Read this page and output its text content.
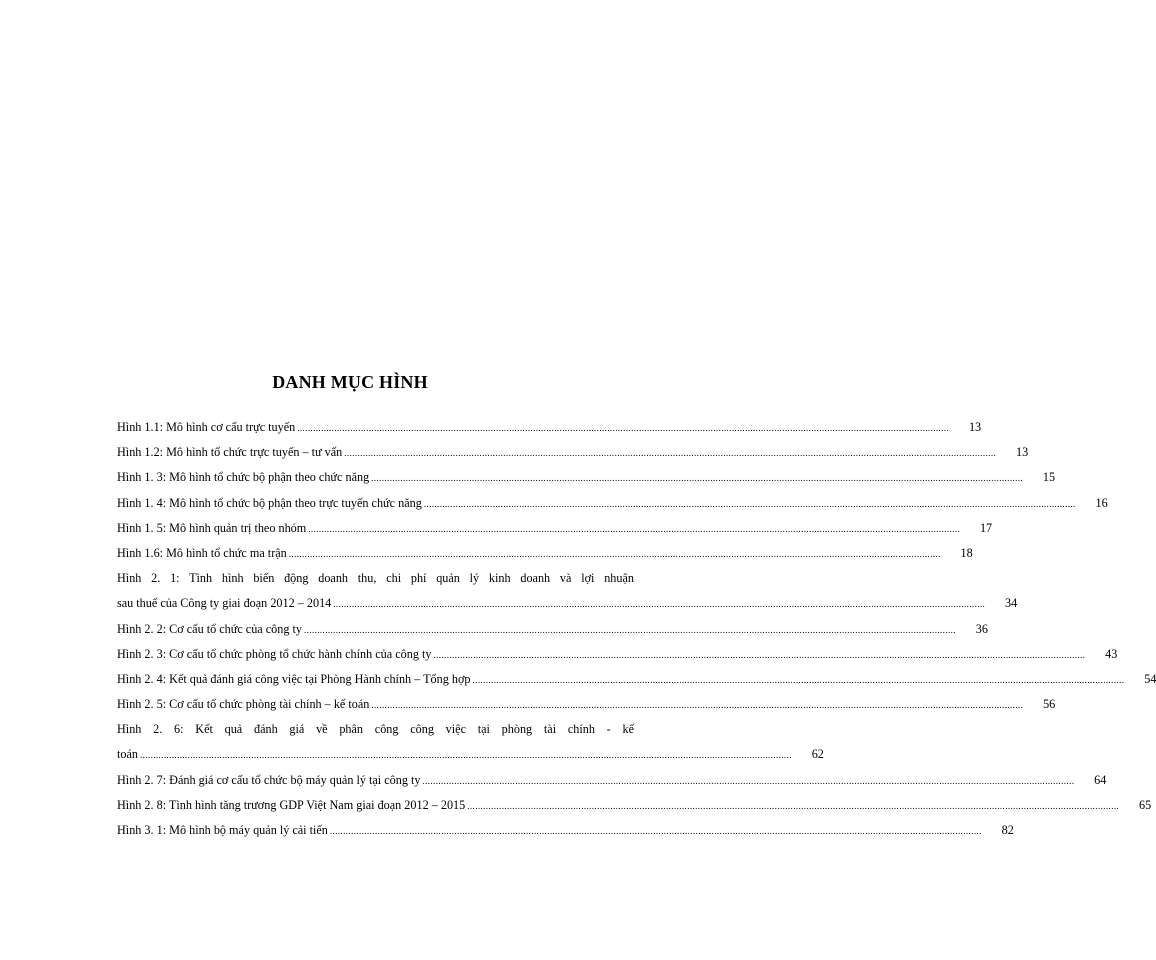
DANH MỤC HÌNH
Hình 1.1: Mô hình cơ cấu trực tuyến ......................................................................................................................................................................................................................................................	13
Hình 1.2: Mô hình tổ chức trực tuyến – tư vấn ......................................................................................................................................................................................................................................................	13
Hình 1. 3: Mô hình tổ chức bộ phận theo chức năng ......................................................................................................................................................................................................................................................	15
Hình 1. 4: Mô hình tổ chức bộ phận theo trực tuyến chức năng ......................................................................................................................................................................................................................................................	16
Hình 1. 5: Mô hình quản trị theo nhóm ......................................................................................................................................................................................................................................................	17
Hình 1.6: Mô hình tổ chức ma trận ......................................................................................................................................................................................................................................................	18
Hình 2. 1: Tình hình biến động doanh thu, chi phí quản lý kinh doanh và lợi nhuận
sau thuế của Công ty giai đoạn 2012 – 2014 ......................................................................................................................................................................................................................................................	34
Hình 2. 2: Cơ cấu tổ chức của công ty ......................................................................................................................................................................................................................................................	36
Hình 2. 3: Cơ cấu tổ chức phòng tổ chức hành chính của công ty ......................................................................................................................................................................................................................................................	43
Hình 2. 4: Kết quả đánh giá công việc tại Phòng Hành chính – Tổng hợp ......................................................................................................................................................................................................................................................	54
Hình 2. 5: Cơ cấu tổ chức phòng tài chính – kế toán ......................................................................................................................................................................................................................................................	56
Hình 2. 6: Kết quả đánh giá về phân công công việc tại phòng tài chính - kế
toán ......................................................................................................................................................................................................................................................	62
Hình 2. 7: Đánh giá cơ cấu tổ chức bộ máy quản lý tại công ty ......................................................................................................................................................................................................................................................	64
Hình 2. 8: Tình hình tăng trương GDP Việt Nam giai đoạn 2012 – 2015 ......................................................................................................................................................................................................................................................	65
Hình 3. 1: Mô hình bộ máy quản lý cải tiến ......................................................................................................................................................................................................................................................	82
